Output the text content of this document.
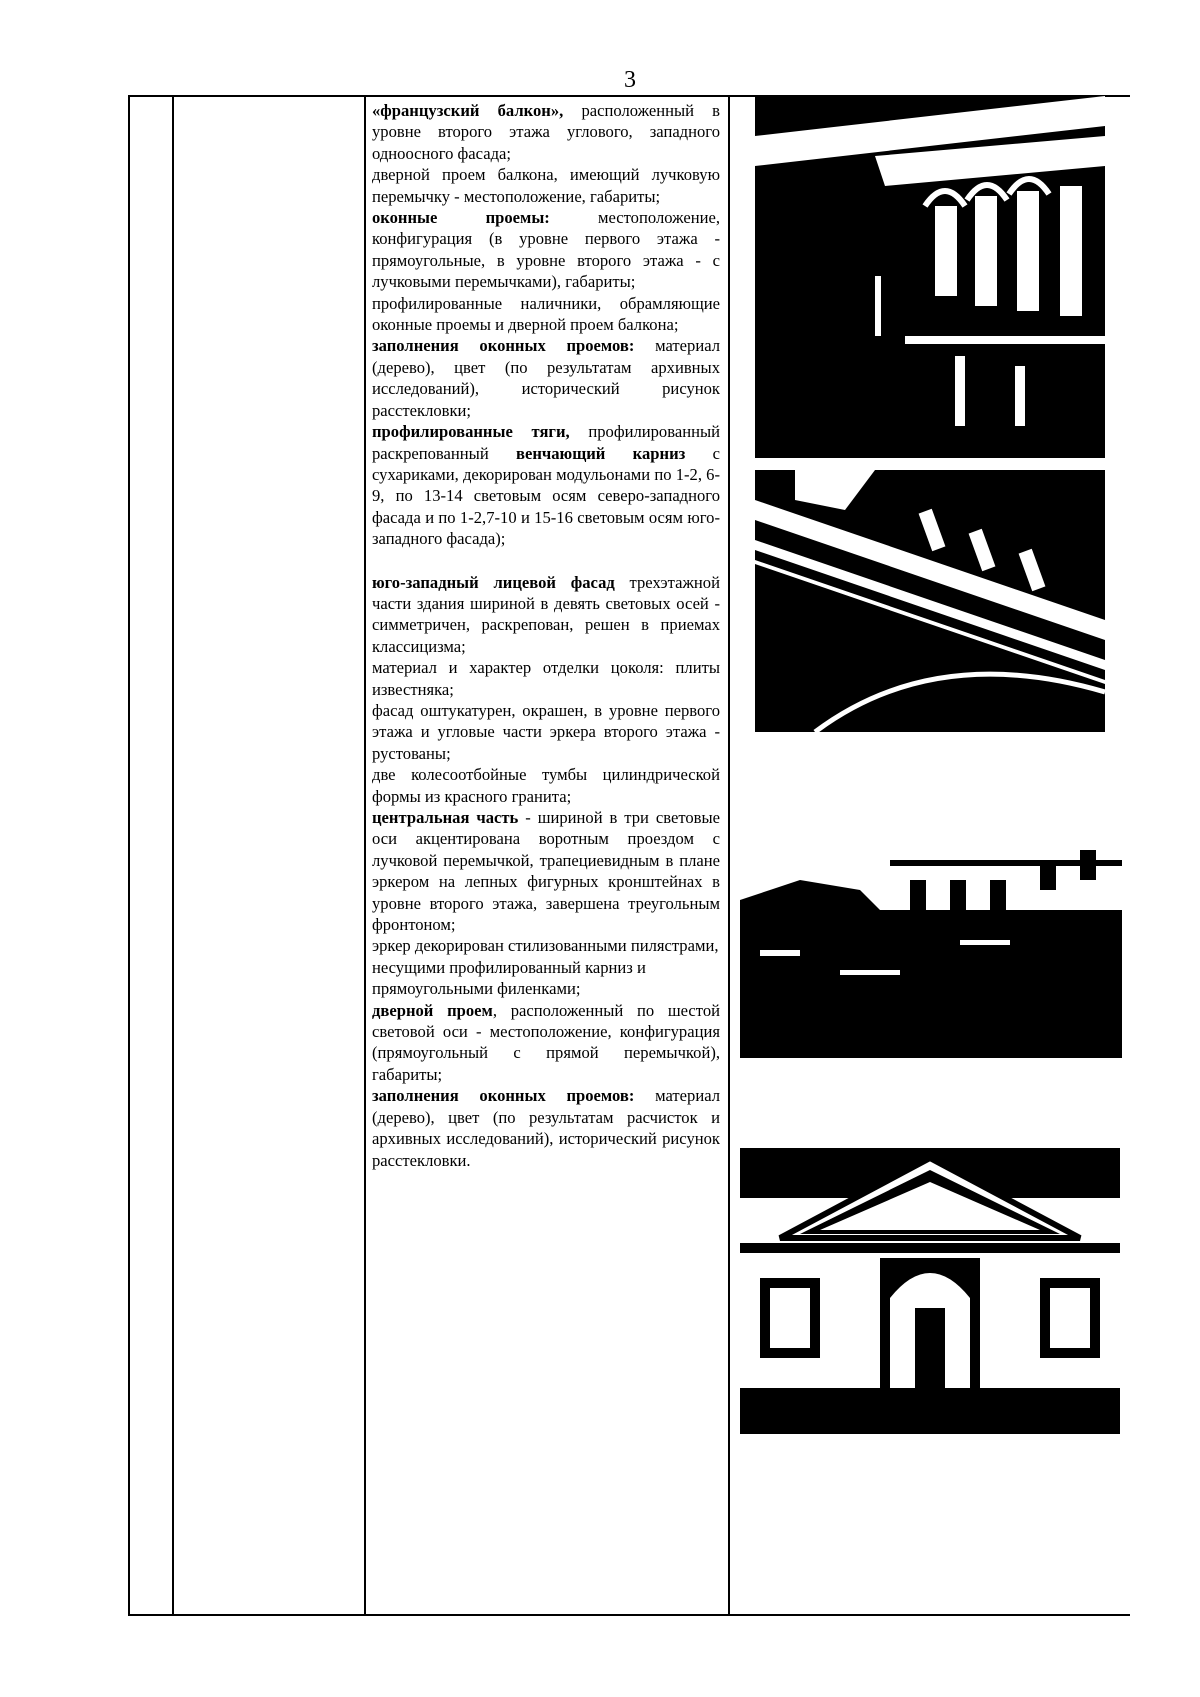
3

«французский балкон», расположенный в уровне второго этажа углового, западного одноосного фасада;

дверной проем балкона, имеющий лучковую перемычку - местоположение, габариты;

оконные проемы: местоположение, конфигурация (в уровне первого этажа - прямоугольные, в уровне второго этажа - с лучковыми перемычками), габариты;

профилированные наличники, обрамляющие оконные проемы и дверной проем балкона;

заполнения оконных проемов: материал (дерево), цвет (по результатам архивных исследований), исторический рисунок расстекловки;

профилированные тяги, профилированный раскрепованный венчающий карниз с сухариками, декорирован модульонами по 1-2, 6-9, по 13-14 световым осям северо-западного фасада и по 1-2,7-10 и 15-16 световым осям юго-западного фасада);

юго-западный лицевой фасад трехэтажной части здания шириной в девять световых осей - симметричен, раскрепован, решен в приемах классицизма;

материал и характер отделки цоколя: плиты известняка;

фасад оштукатурен, окрашен, в уровне первого этажа и угловые части эркера второго этажа - рустованы;

две колесоотбойные тумбы цилиндрической формы из красного гранита;

центральная часть - шириной в три световые оси акцентирована воротным проездом с лучковой перемычкой, трапециевидным в плане эркером на лепных фигурных кронштейнах в уровне второго этажа, завершена треугольным фронтоном;

эркер декорирован стилизованными пилястрами, несущими профилированный карниз и прямоугольными филенками;

дверной проем, расположенный по шестой световой оси - местоположение, конфигурация (прямоугольный с прямой перемычкой), габариты;

заполнения оконных проемов: материал (дерево), цвет (по результатам расчисток и архивных исследований), исторический рисунок расстекловки.
